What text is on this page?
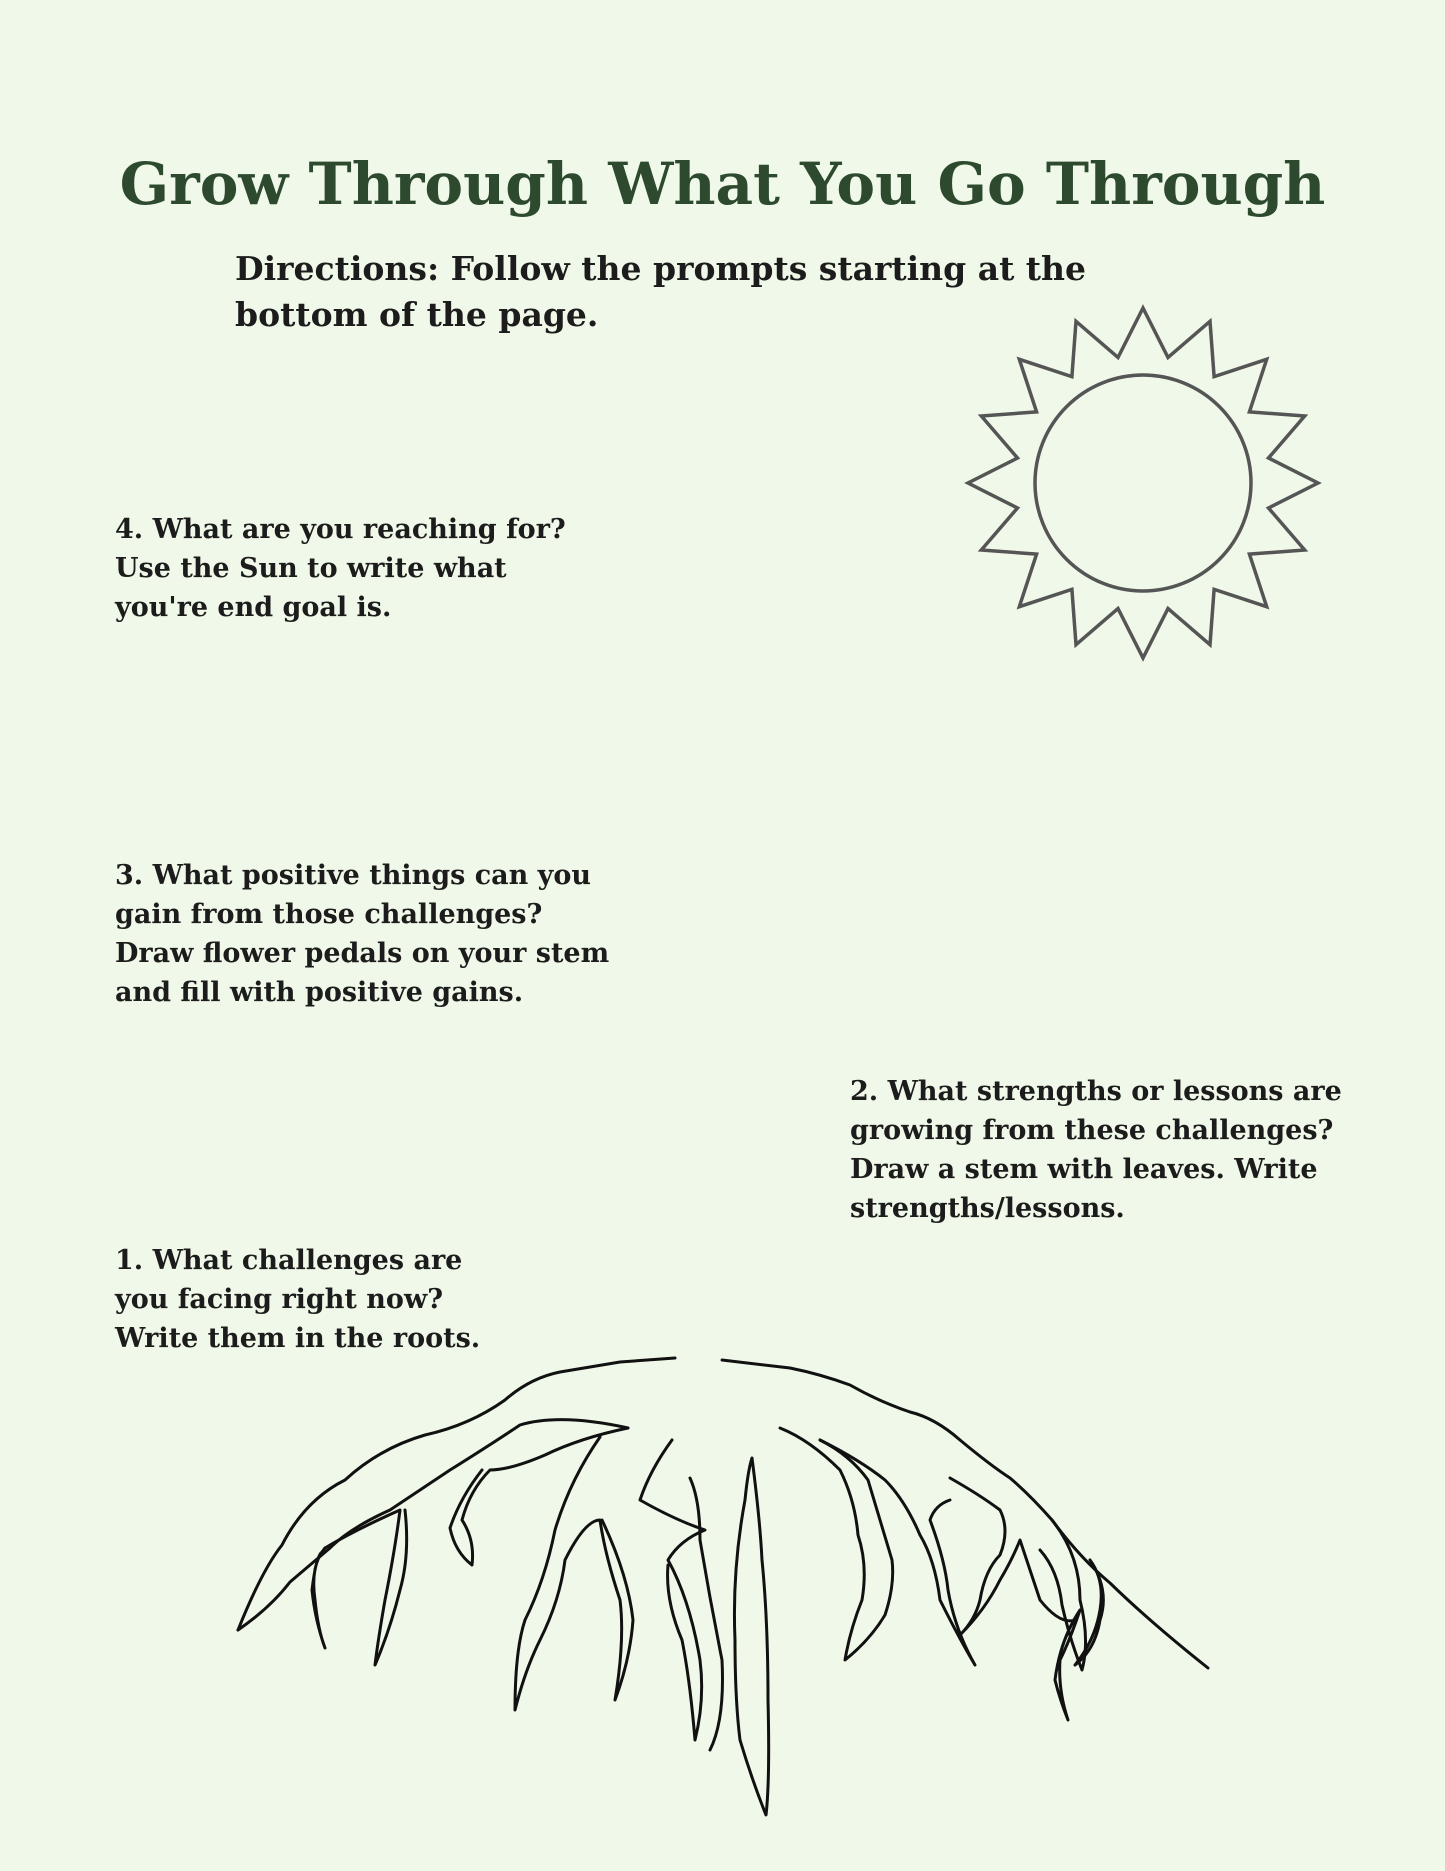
Grow Through What You Go Through

Directions: Follow the prompts starting at the bottom of the page.

4. What are you reaching for?
Use the Sun to write what
you're end goal is.

3. What positive things can you
gain from those challenges?
Draw flower pedals on your stem
and fill with positive gains.

2. What strengths or lessons are
growing from these challenges?
Draw a stem with leaves. Write
strengths/lessons.

1. What challenges are
you facing right now?
Write them in the roots.
